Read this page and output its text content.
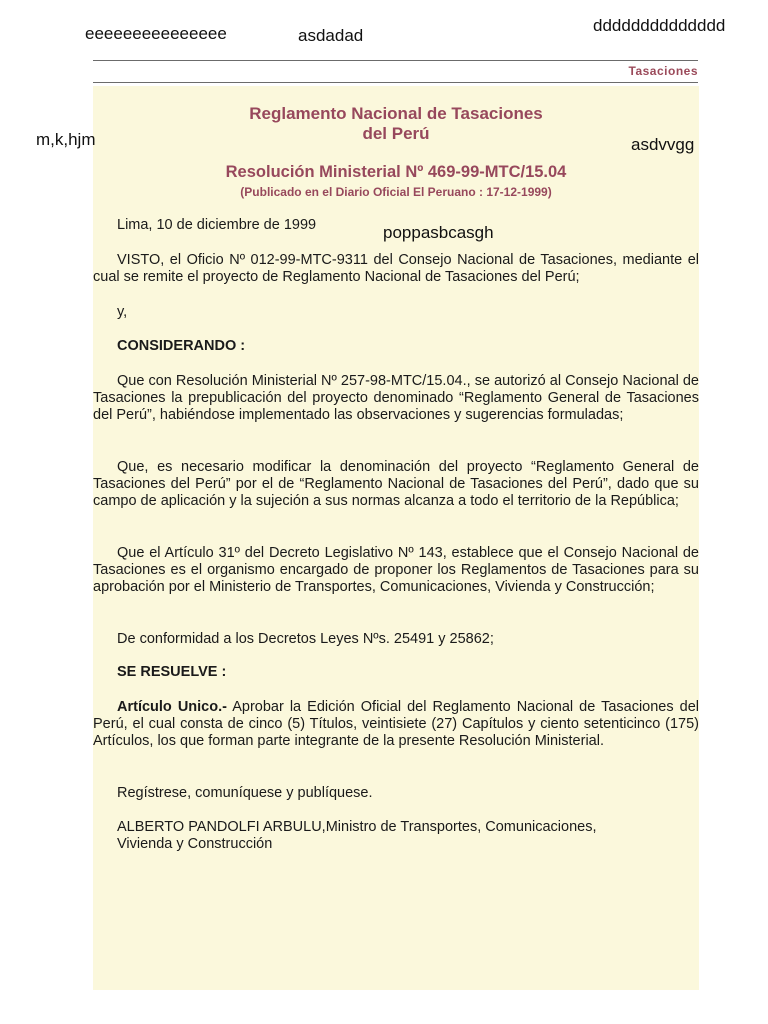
eeeeeeeeeeeeeee	asdadad
dddddddddddddd
Tasaciones
Reglamento Nacional de Tasaciones
del Perú
Resolución Ministerial Nº 469-99-MTC/15.04
(Publicado en el Diario Oficial El Peruano : 17-12-1999)
m,k,hjm	asdvvgg
poppasbcasgh

Lima, 10 de diciembre de 1999

VISTO, el Oficio Nº 012-99-MTC-9311 del Consejo Nacional de Tasaciones, mediante el cual se remite el proyecto de Reglamento Nacional de Tasaciones del Perú;

y,

CONSIDERANDO :

Que con Resolución Ministerial Nº 257-98-MTC/15.04., se autorizó al Consejo Nacional de Tasaciones la prepublicación del proyecto denominado “Reglamento General de Tasaciones del Perú”, habiéndose implementado las observaciones y sugerencias formuladas;

Que, es necesario modificar la denominación del proyecto “Reglamento General de Tasaciones del Perú” por el de “Reglamento Nacional de Tasaciones del Perú”, dado que su campo de aplicación y la sujeción a sus normas alcanza a todo el territorio de la República;

Que el Artículo 31º del Decreto Legislativo Nº 143, establece que el Consejo Nacional de Tasaciones es el organismo encargado de proponer los Reglamentos de Tasaciones para su aprobación por el Ministerio de Transportes, Comunicaciones, Vivienda y Construcción;

De conformidad a los Decretos Leyes Nºs. 25491 y 25862;

SE RESUELVE :

Artículo Unico.- Aprobar la Edición Oficial del Reglamento Nacional de Tasaciones del Perú, el cual consta de cinco (5) Títulos, veintisiete (27) Capítulos y ciento setenticinco (175) Artículos, los que forman parte integrante de la presente Resolución Ministerial.

Regístrese, comuníquese y publíquese.

ALBERTO PANDOLFI ARBULU,Ministro de Transportes, Comunicaciones,

Vivienda y Construcción
